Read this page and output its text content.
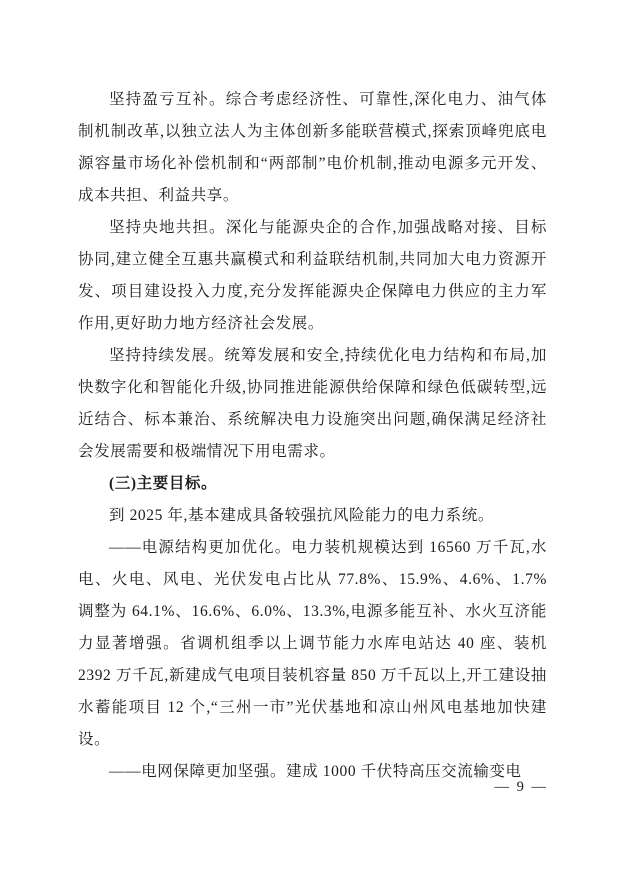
坚持盈亏互补。综合考虑经济性、可靠性,深化电力、油气体制机制改革,以独立法人为主体创新多能联营模式,探索顶峰兜底电源容量市场化补偿机制和“两部制”电价机制,推动电源多元开发、成本共担、利益共享。

坚持央地共担。深化与能源央企的合作,加强战略对接、目标协同,建立健全互惠共赢模式和利益联结机制,共同加大电力资源开发、项目建设投入力度,充分发挥能源央企保障电力供应的主力军作用,更好助力地方经济社会发展。

坚持持续发展。统筹发展和安全,持续优化电力结构和布局,加快数字化和智能化升级,协同推进能源供给保障和绿色低碳转型,远近结合、标本兼治、系统解决电力设施突出问题,确保满足经济社会发展需要和极端情况下用电需求。

(三)主要目标。

到 2025 年,基本建成具备较强抗风险能力的电力系统。

——电源结构更加优化。电力装机规模达到 16560 万千瓦,水电、火电、风电、光伏发电占比从 77.8%、15.9%、4.6%、1.7% 调整为 64.1%、16.6%、6.0%、13.3%,电源多能互补、水火互济能力显著增强。省调机组季以上调节能力水库电站达 40 座、装机 2392 万千瓦,新建成气电项目装机容量 850 万千瓦以上,开工建设抽水蓄能项目 12 个,“三州一市”光伏基地和凉山州风电基地加快建设。

——电网保障更加坚强。建成 1000 千伏特高压交流输变电

— 9 —
